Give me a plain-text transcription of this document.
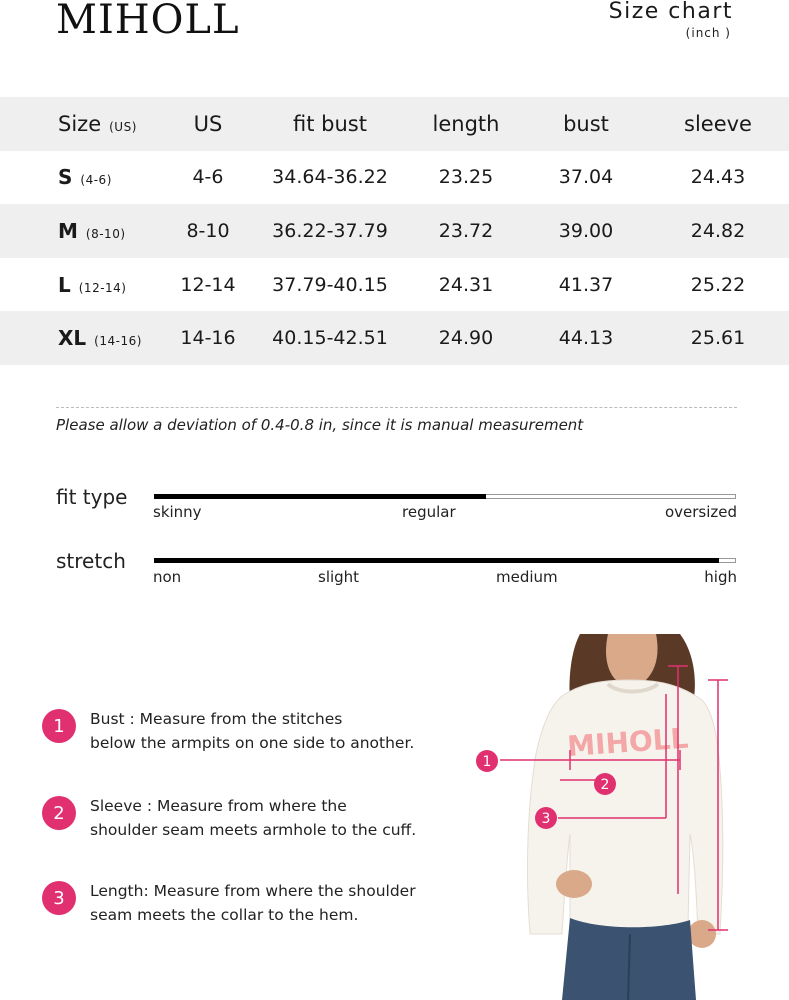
MIHOLL	Size chart
(inch )
Size (US)	US	fit bust	length	bust	sleeve
S (4-6)	4-6	34.64-36.22	23.25	37.04	24.43
M (8-10)	8-10	36.22-37.79	23.72	39.00	24.82
L (12-14)	12-14	37.79-40.15	24.31	41.37	25.22
XL (14-16)	14-16	40.15-42.51	24.90	44.13	25.61
Please allow a deviation of 0.4-0.8 in, since it is manual measurement
fit type
skinny	regular	oversized
stretch
non	slight	medium	high
1	Bust : Measure from the stitches
below the armpits on one side to another.
2	Sleeve : Measure from where the
shoulder seam meets armhole to the cuff.
3	Length: Measure from where the shoulder
seam meets the collar to the hem.
MIHOLL
1
2
3
